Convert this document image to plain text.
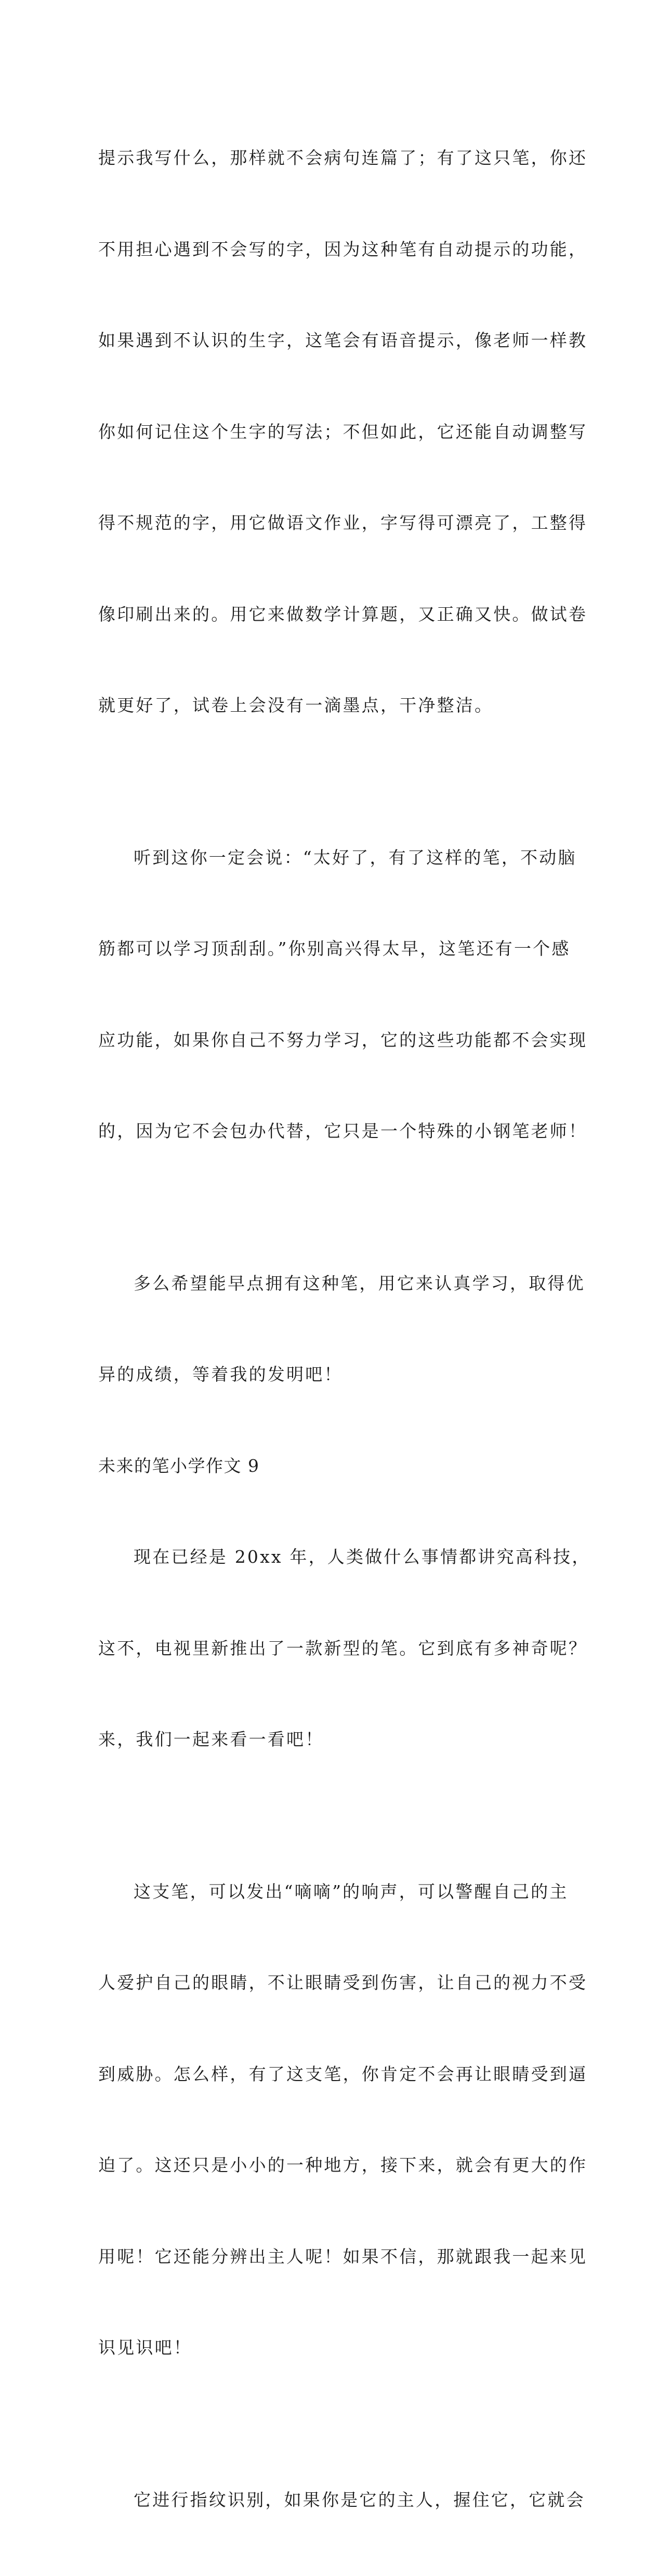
提示我写什么，那样就不会病句连篇了；有了这只笔，你还

不用担心遇到不会写的字，因为这种笔有自动提示的功能，

如果遇到不认识的生字，这笔会有语音提示，像老师一样教

你如何记住这个生字的写法；不但如此，它还能自动调整写

得不规范的字，用它做语文作业，字写得可漂亮了，工整得

像印刷出来的。用它来做数学计算题，又正确又快。做试卷

就更好了，试卷上会没有一滴墨点，干净整洁。

听到这你一定会说：“太好了，有了这样的笔，不动脑

筋都可以学习顶刮刮。”你别高兴得太早，这笔还有一个感

应功能，如果你自己不努力学习，它的这些功能都不会实现

的，因为它不会包办代替，它只是一个特殊的小钢笔老师！

多么希望能早点拥有这种笔，用它来认真学习，取得优

异的成绩，等着我的发明吧！

未来的笔小学作文 9

现在已经是 20xx 年，人类做什么事情都讲究高科技，

这不，电视里新推出了一款新型的笔。它到底有多神奇呢？

来，我们一起来看一看吧！

这支笔，可以发出“嘀嘀”的响声，可以警醒自己的主

人爱护自己的眼睛，不让眼睛受到伤害，让自己的视力不受

到威胁。怎么样，有了这支笔，你肯定不会再让眼睛受到逼

迫了。这还只是小小的一种地方，接下来，就会有更大的作

用呢！它还能分辨出主人呢！如果不信，那就跟我一起来见

识见识吧！

它进行指纹识别，如果你是它的主人，握住它，它就会
